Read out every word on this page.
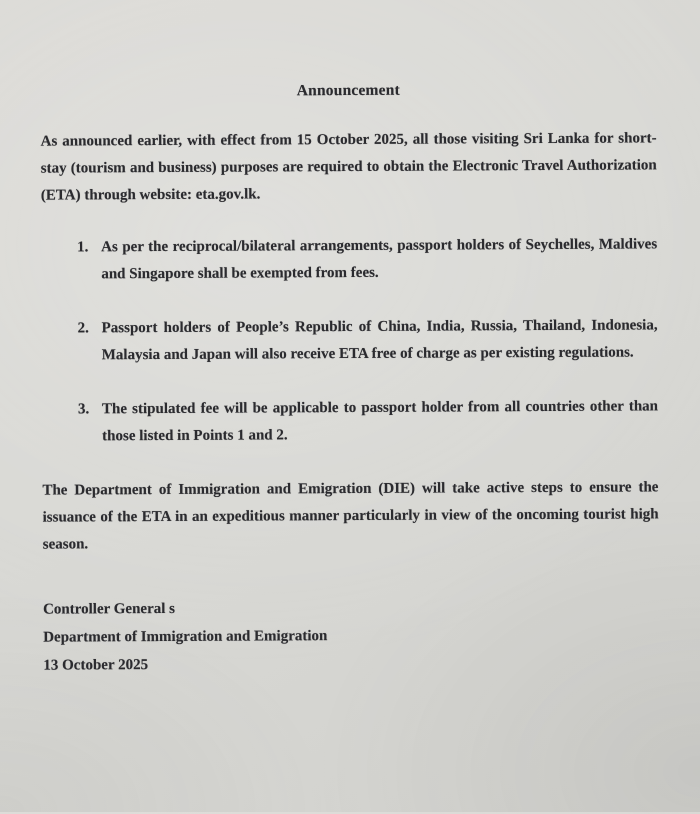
Announcement

As announced earlier, with effect from 15 October 2025, all those visiting Sri Lanka for short-stay (tourism and business) purposes are required to obtain the Electronic Travel Authorization (ETA) through website: eta.gov.lk.

1. As per the reciprocal/bilateral arrangements, passport holders of Seychelles, Maldives and Singapore shall be exempted from fees.
2. Passport holders of People’s Republic of China, India, Russia, Thailand, Indonesia, Malaysia and Japan will also receive ETA free of charge as per existing regulations.
3. The stipulated fee will be applicable to passport holder from all countries other than those listed in Points 1 and 2.

The Department of Immigration and Emigration (DIE) will take active steps to ensure the issuance of the ETA in an expeditious manner particularly in view of the oncoming tourist high season.

Controller General s
Department of Immigration and Emigration
13 October 2025
